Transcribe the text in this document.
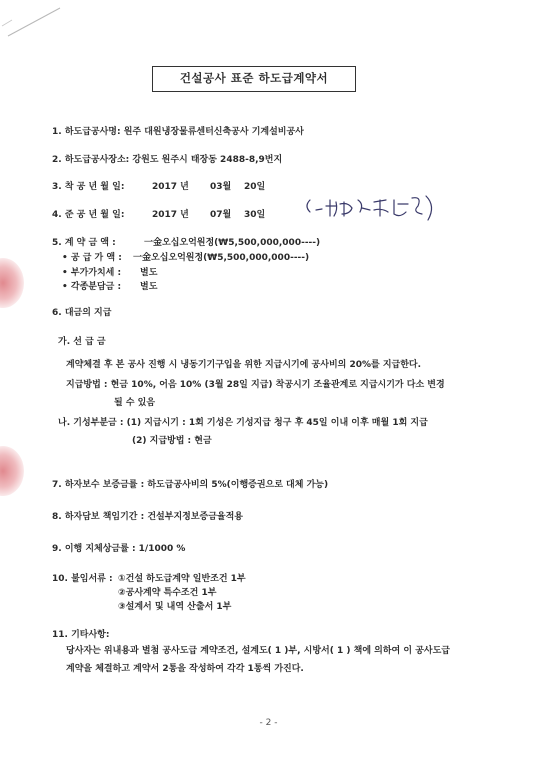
건설공사 표준 하도급계약서
1. 하도급공사명: 원주 대원냉장물류센터신축공사 기계설비공사
2. 하도급공사장소: 강원도 원주시 태장동 2488-8,9번지
3. 착 공 년 월 일:	2017 년 03월 20일
4. 준 공 년 월 일:	2017 년 07월 30일
5. 계 약 금 액 :	一金오십오억원정(₩5,500,000,000----)
• 공 급 가 액 : 一金오십오억원정(₩5,500,000,000----)
• 부가가치세 : 별도
• 각종분담금 : 별도
6. 대금의 지급
가. 선 급 금
계약체결 후 본 공사 진행 시 냉동기기구입을 위한 지급시기에 공사비의 20%를 지급한다.
지급방법 : 현금 10%, 어음 10% (3월 28일 지급) 착공시기 조율관계로 지급시기가 다소 변경
될 수 있음
나. 기성부분금 : (1) 지급시기 : 1회 기성은 기성지급 청구 후 45일 이내 이후 매월 1회 지급
(2) 지급방법 : 현금
7. 하자보수 보증금률 : 하도급공사비의 5%(이행증권으로 대체 가능)
8. 하자담보 책임기간 : 건설부지정보증금율적용
9. 이행 지체상금률 : 1/1000 %
10. 불임서류 : ①건설 하도급계약 일반조건 1부
②공사계약 특수조건 1부
③설계서 및 내역 산출서 1부
11. 기타사항:
당사자는 위내용과 별첨 공사도급 계약조건, 설계도( 1 )부, 시방서( 1 ) 책에 의하여 이 공사도급
계약을 체결하고 계약서 2통을 작성하여 각각 1통씩 가진다.
- 2 -
